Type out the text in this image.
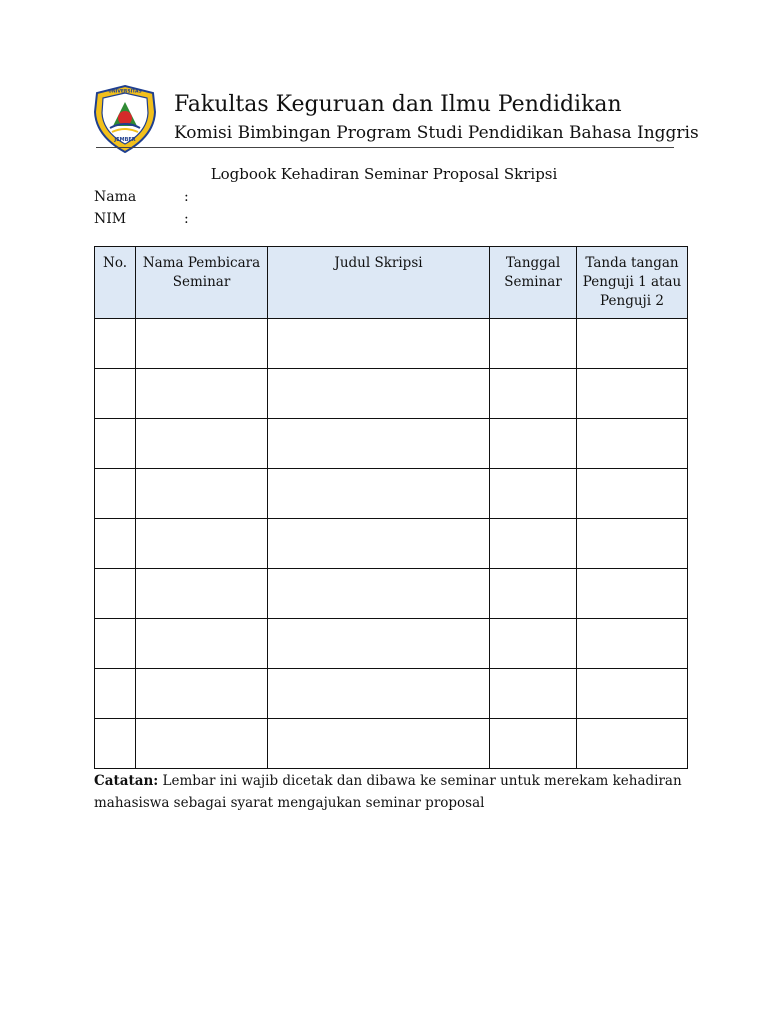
UNIVERSITAS
JEMBER
Fakultas Keguruan dan Ilmu Pendidikan
Komisi Bimbingan Program Studi Pendidikan Bahasa Inggris
Logbook Kehadiran Seminar Proposal Skripsi
Nama	:
NIM	:
No.	Nama Pembicara Seminar	Judul Skripsi	Tanggal Seminar	Tanda tangan Penguji 1 atau Penguji 2

Catatan: Lembar ini wajib dicetak dan dibawa ke seminar untuk merekam kehadiran mahasiswa sebagai syarat mengajukan seminar proposal
